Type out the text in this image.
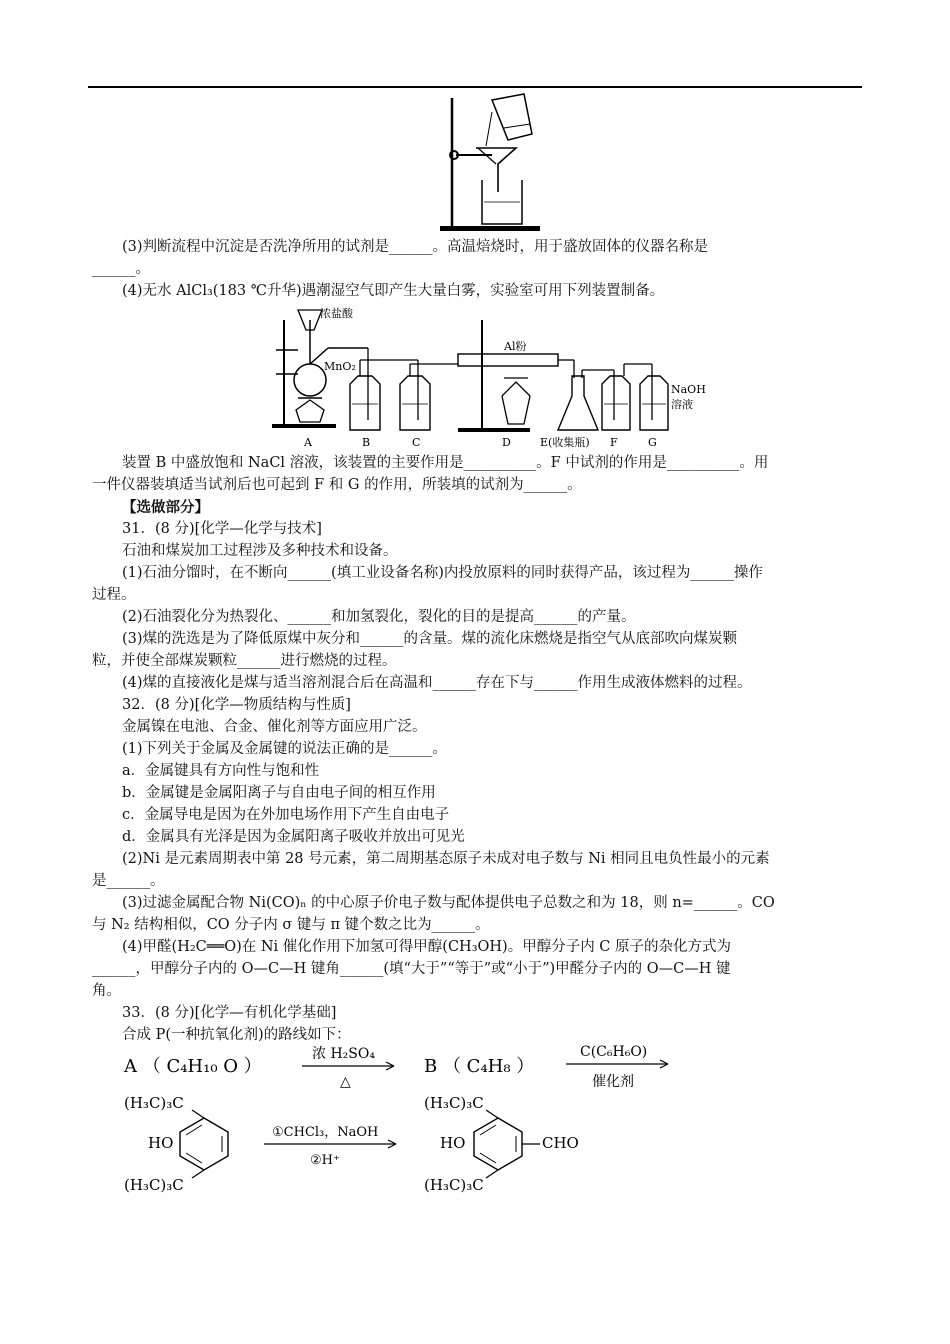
(3)判断流程中沉淀是否洗净所用的试剂是______。高温焙烧时，用于盛放固体的仪器名称是
______。
(4)无水 AlCl₃(183 ℃升华)遇潮湿空气即产生大量白雾，实验室可用下列装置制备。
浓盐酸
MnO₂
Al粉
NaOH
溶液
A	B	C	D	E(收集瓶) F	G
装置 B 中盛放饱和 NaCl 溶液，该装置的主要作用是__________。F 中试剂的作用是__________。用
一件仪器装填适当试剂后也可起到 F 和 G 的作用，所装填的试剂为______。
【选做部分】
31．(8 分)[化学—化学与技术]
石油和煤炭加工过程涉及多种技术和设备。
(1)石油分馏时，在不断向______(填工业设备名称)内投放原料的同时获得产品，该过程为______操作
过程。
(2)石油裂化分为热裂化、______和加氢裂化，裂化的目的是提高______的产量。
(3)煤的洗选是为了降低原煤中灰分和______的含量。煤的流化床燃烧是指空气从底部吹向煤炭颗
粒，并使全部煤炭颗粒______进行燃烧的过程。
(4)煤的直接液化是煤与适当溶剂混合后在高温和______存在下与______作用生成液体燃料的过程。
32．(8 分)[化学—物质结构与性质]
金属镍在电池、合金、催化剂等方面应用广泛。
(1)下列关于金属及金属键的说法正确的是______。
a．金属键具有方向性与饱和性
b．金属键是金属阳离子与自由电子间的相互作用
c．金属导电是因为在外加电场作用下产生自由电子
d．金属具有光泽是因为金属阳离子吸收并放出可见光
(2)Ni 是元素周期表中第 28 号元素，第二周期基态原子未成对电子数与 Ni 相同且电负性最小的元素
是______。
(3)过滤金属配合物 Ni(CO)ₙ 的中心原子价电子数与配体提供电子总数之和为 18，则 n=______。CO
与 N₂ 结构相似，CO 分子内 σ 键与 π 键个数之比为______。
(4)甲醛(H₂C══O)在 Ni 催化作用下加氢可得甲醇(CH₃OH)。甲醇分子内 C 原子的杂化方式为
______，甲醇分子内的 O—C—H 键角______(填“大于”“等于”或“小于”)甲醛分子内的 O—C—H 键
角。
33．(8 分)[化学—有机化学基础]
合成 P(一种抗氧化剂)的路线如下：
A （ C₄H₁₀ O ）
浓 H₂SO₄
△
B （ C₄H₈ ）
C(C₆H₆O)
催化剂
(H₃C)₃C
HO
(H₃C)₃C
①CHCl₃，NaOH
②H⁺
(H₃C)₃C
HO
(H₃C)₃C
CHO
